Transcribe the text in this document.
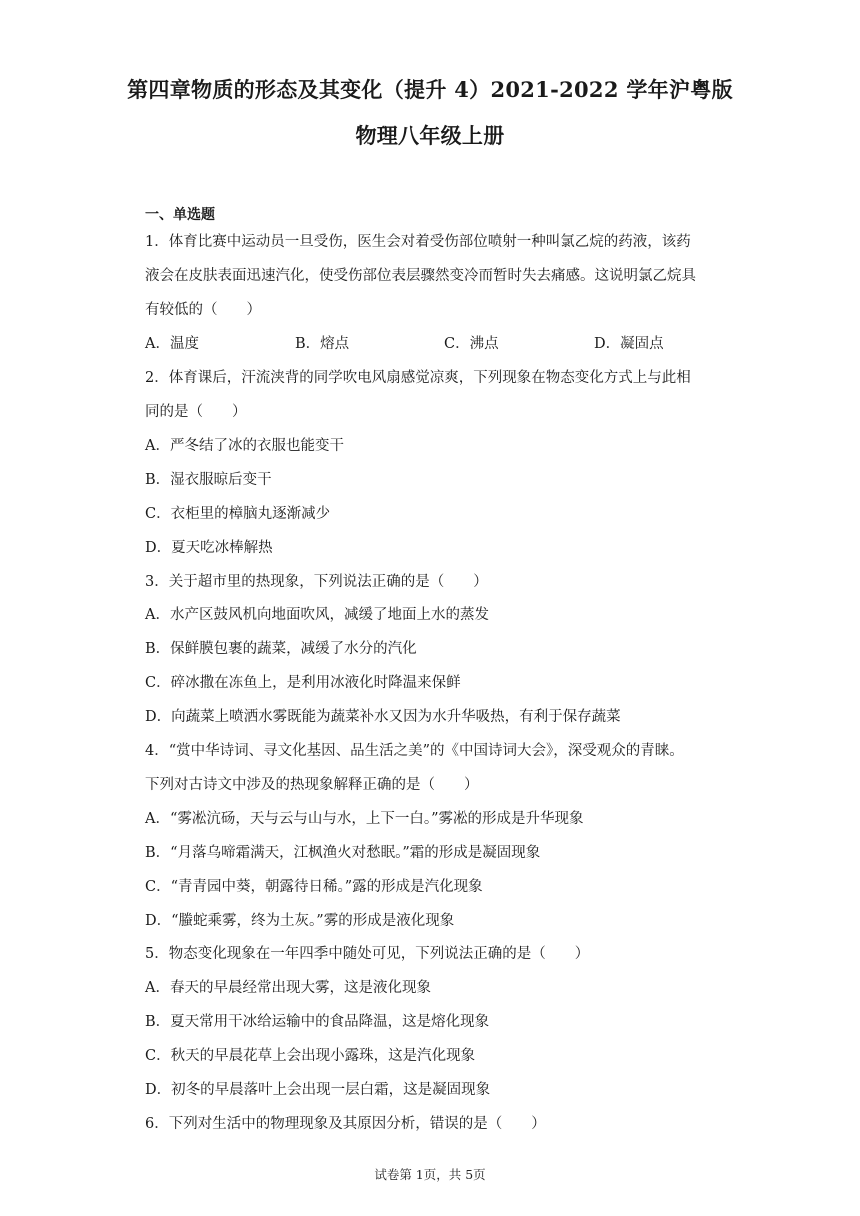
第四章物质的形态及其变化（提升 4）2021-2022 学年沪粤版
物理八年级上册
一、单选题
1．体育比赛中运动员一旦受伤，医生会对着受伤部位喷射一种叫氯乙烷的药液，该药
液会在皮肤表面迅速汽化，使受伤部位表层骤然变冷而暂时失去痛感。这说明氯乙烷具
有较低的（　　）
A．温度	B．熔点	C．沸点	D．凝固点
2．体育课后，汗流浃背的同学吹电风扇感觉凉爽，下列现象在物态变化方式上与此相
同的是（　　）
A．严冬结了冰的衣服也能变干
B．湿衣服晾后变干
C．衣柜里的樟脑丸逐渐减少
D．夏天吃冰棒解热
3．关于超市里的热现象，下列说法正确的是（　　）
A．水产区鼓风机向地面吹风，减缓了地面上水的蒸发
B．保鲜膜包裹的蔬菜，减缓了水分的汽化
C．碎冰撒在冻鱼上，是利用冰液化时降温来保鲜
D．向蔬菜上喷洒水雾既能为蔬菜补水又因为水升华吸热，有利于保存蔬菜
4．“赏中华诗词、寻文化基因、品生活之美”的《中国诗词大会》，深受观众的青睐。
下列对古诗文中涉及的热现象解释正确的是（　　）
A．“雾凇沆砀，天与云与山与水，上下一白。”雾凇的形成是升华现象
B．“月落乌啼霜满天，江枫渔火对愁眠。”霜的形成是凝固现象
C．“青青园中葵，朝露待日稀。”露的形成是汽化现象
D．“螣蛇乘雾，终为土灰。”雾的形成是液化现象
5．物态变化现象在一年四季中随处可见，下列说法正确的是（　　）
A．春天的早晨经常出现大雾，这是液化现象
B．夏天常用干冰给运输中的食品降温，这是熔化现象
C．秋天的早晨花草上会出现小露珠，这是汽化现象
D．初冬的早晨落叶上会出现一层白霜，这是凝固现象
6．下列对生活中的物理现象及其原因分析，错误的是（　　）
试卷第 1页，共 5页
